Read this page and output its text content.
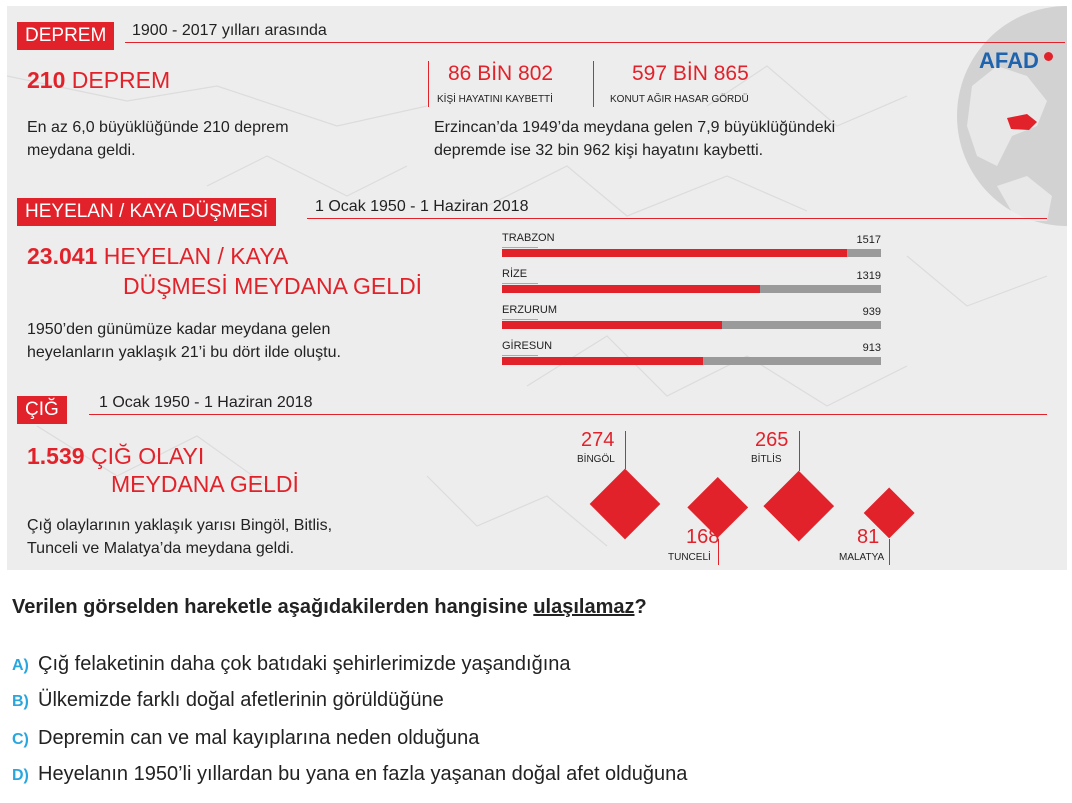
AFAD
DEPREM	1900 - 2017 yılları arasında
210 DEPREM
En az 6,0 büyüklüğünde 210 deprem
meydana geldi.
86 BİN 802
KİŞİ HAYATINI KAYBETTİ
597 BİN 865
KONUT AĞIR HASAR GÖRDÜ
Erzincan’da 1949’da meydana gelen 7,9 büyüklüğündeki
depremde ise 32 bin 962 kişi hayatını kaybetti.
HEYELAN / KAYA DÜŞMESİ	1 Ocak 1950 - 1 Haziran 2018
23.041 HEYELAN / KAYA
DÜŞMESİ MEYDANA GELDİ
1950’den günümüze kadar meydana gelen
heyelanların yaklaşık 21’i bu dört ilde oluştu.
TRABZON	1517
RİZE	1319
ERZURUM	939
GİRESUN	913
ÇIĞ	1 Ocak 1950 - 1 Haziran 2018
1.539 ÇIĞ OLAYI
MEYDANA GELDİ
Çığ olaylarının yaklaşık yarısı Bingöl, Bitlis,
Tunceli ve Malatya’da meydana geldi.
274
BİNGÖL
168
TUNCELİ
265
BİTLİS
81
MALATYA
Verilen görselden hareketle aşağıdakilerden hangisine ulaşılamaz?
A) Çığ felaketinin daha çok batıdaki şehirlerimizde yaşandığına
B) Ülkemizde farklı doğal afetlerinin görüldüğüne
C) Depremin can ve mal kayıplarına neden olduğuna
D) Heyelanın 1950’li yıllardan bu yana en fazla yaşanan doğal afet olduğuna
